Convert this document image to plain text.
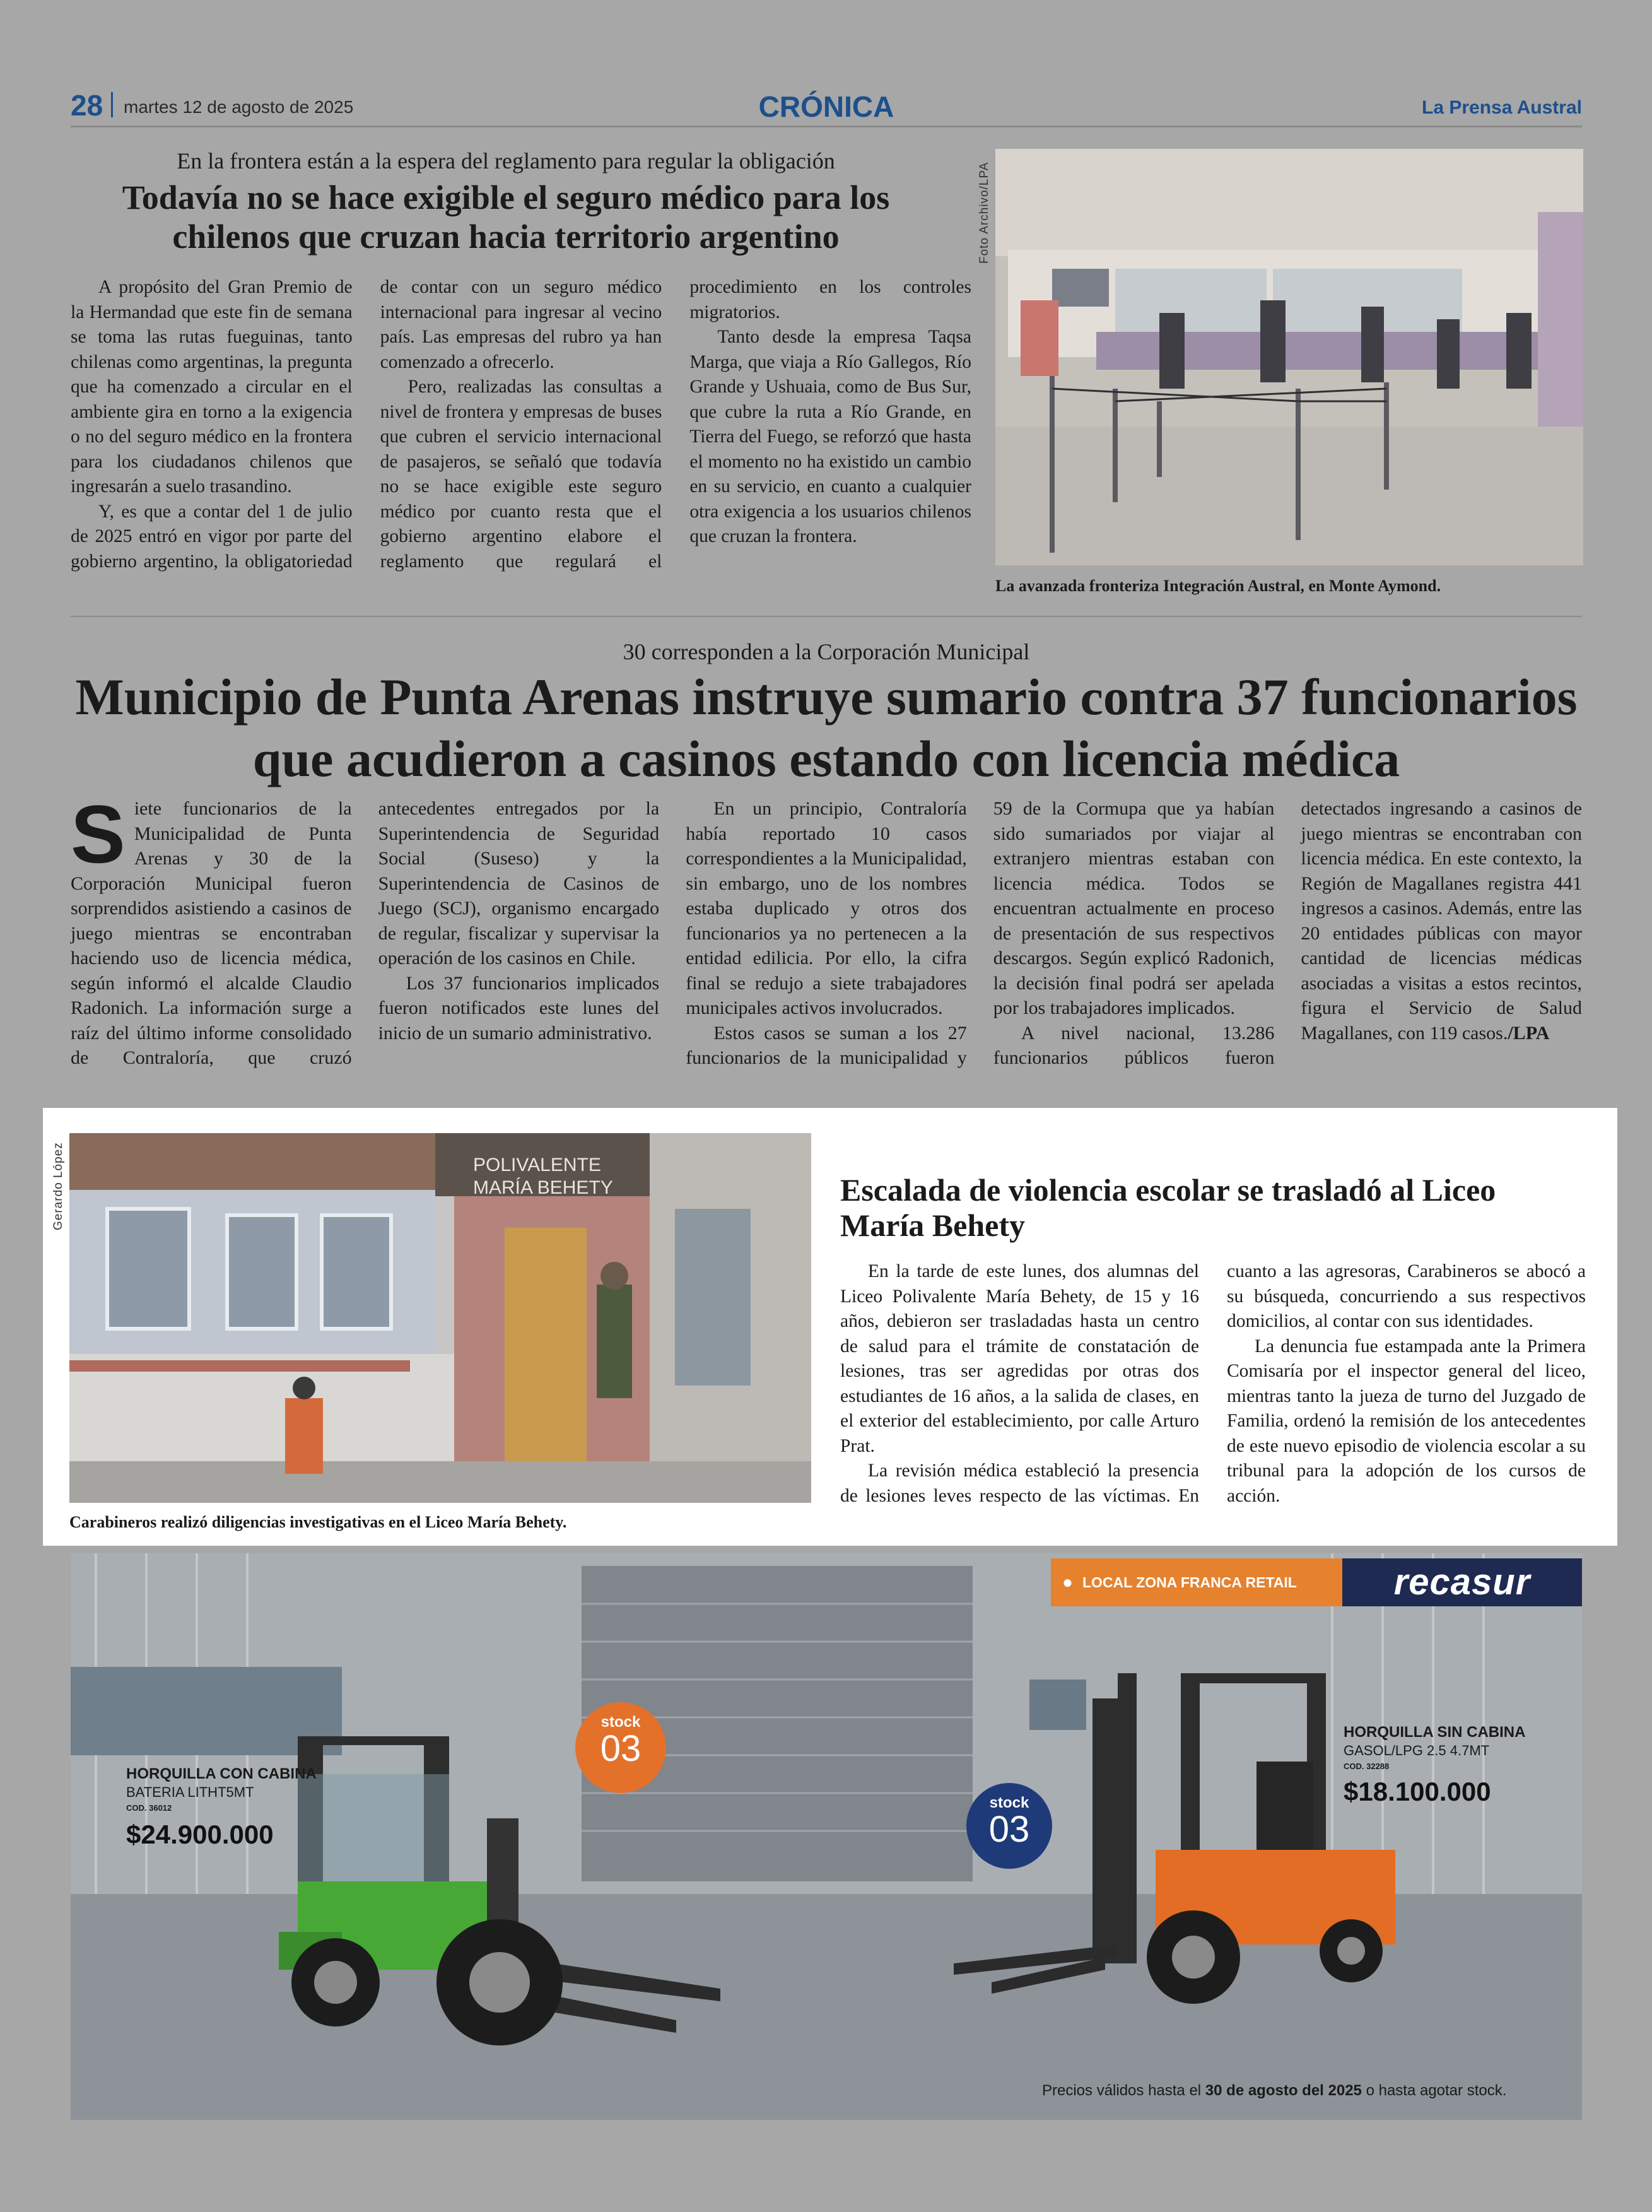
28 martes 12 de agosto de 2025	CRÓNICA	La Prensa Austral
En la frontera están a la espera del reglamento para regular la obligación
Todavía no se hace exigible el seguro médico para los chilenos que cruzan hacia territorio argentino

A propósito del Gran Premio de la Hermandad que este fin de semana se toma las rutas fueguinas, tanto chilenas como argentinas, la pregunta que ha comenzado a circular en el ambiente gira en torno a la exigencia o no del seguro médico en la frontera para los ciudadanos chilenos que ingresarán a suelo trasandino.

Y, es que a contar del 1 de julio de 2025 entró en vigor por parte del gobierno argentino, la obligatoriedad de contar con un seguro médico internacional para ingresar al vecino país. Las empresas del rubro ya han comenzado a ofrecerlo.

Pero, realizadas las consultas a nivel de frontera y empresas de buses que cubren el servicio internacional de pasajeros, se señaló que todavía no se hace exigible este seguro médico por cuanto resta que el gobierno argentino elabore el reglamento que regulará el procedimiento en los controles migratorios.

Tanto desde la empresa Taqsa Marga, que viaja a Río Gallegos, Río Grande y Ushuaia, como de Bus Sur, que cubre la ruta a Río Grande, en Tierra del Fuego, se reforzó que hasta el momento no ha existido un cambio en su servicio, en cuanto a cualquier otra exigencia a los usuarios chilenos que cruzan la frontera.

Foto Archivo/LPA
La avanzada fronteriza Integración Austral, en Monte Aymond.
30 corresponden a la Corporación Municipal
Municipio de Punta Arenas instruye sumario contra 37 funcionarios que acudieron a casinos estando con licencia médica

Siete funcionarios de la Municipalidad de Punta Arenas y 30 de la Corporación Municipal fueron sorprendidos asistiendo a casinos de juego mientras se encontraban haciendo uso de licencia médica, según informó el alcalde Claudio Radonich. La información surge a raíz del último informe consolidado de Contraloría, que cruzó antecedentes entregados por la Superintendencia de Seguridad Social (Suseso) y la Superintendencia de Casinos de Juego (SCJ), organismo encargado de regular, fiscalizar y supervisar la operación de los casinos en Chile.

Los 37 funcionarios implicados fueron notificados este lunes del inicio de un sumario administrativo.

En un principio, Contraloría había reportado 10 casos correspondientes a la Municipalidad, sin embargo, uno de los nombres estaba duplicado y otros dos funcionarios ya no pertenecen a la entidad edilicia. Por ello, la cifra final se redujo a siete trabajadores municipales activos involucrados.

Estos casos se suman a los 27 funcionarios de la municipalidad y 59 de la Cormupa que ya habían sido sumariados por viajar al extranjero mientras estaban con licencia médica. Todos se encuentran actualmente en proceso de presentación de sus respectivos descargos. Según explicó Radonich, la decisión final podrá ser apelada por los trabajadores implicados.

A nivel nacional, 13.286 funcionarios públicos fueron detectados ingresando a casinos de juego mientras se encontraban con licencia médica. En este contexto, la Región de Magallanes registra 441 ingresos a casinos. Además, entre las 20 entidades públicas con mayor cantidad de licencias médicas asociadas a visitas a estos recintos, figura el Servicio de Salud Magallanes, con 119 casos./LPA

Gerardo López	POLIVALENTE
MARÍA BEHETY
Carabineros realizó diligencias investigativas en el Liceo María Behety.
Escalada de violencia escolar se trasladó al Liceo María Behety

En la tarde de este lunes, dos alumnas del Liceo Polivalente María Behety, de 15 y 16 años, debieron ser trasladadas hasta un centro de salud para el trámite de constatación de lesiones, tras ser agredidas por otras dos estudiantes de 16 años, a la salida de clases, en el exterior del establecimiento, por calle Arturo Prat.

La revisión médica estableció la presencia de lesiones leves respecto de las víctimas. En cuanto a las agresoras, Carabineros se abocó a su búsqueda, concurriendo a sus respectivos domicilios, al contar con sus identidades.

La denuncia fue estampada ante la Primera Comisaría por el inspector general del liceo, mientras tanto la jueza de turno del Juzgado de Familia, ordenó la remisión de los antecedentes de este nuevo episodio de violencia escolar a su tribunal para la adopción de los cursos de acción.

● LOCAL ZONA FRANCA RETAIL	recasur
HORQUILLA CON CABINA
BATERIA LITHT5MT
COD. 36012
$24.900.000
stock
03	HORQUILLA SIN CABINA
GASOL/LPG 2.5 4.7MT
COD. 32288
$18.100.000
stock
03
Precios válidos hasta el 30 de agosto del 2025 o hasta agotar stock.
